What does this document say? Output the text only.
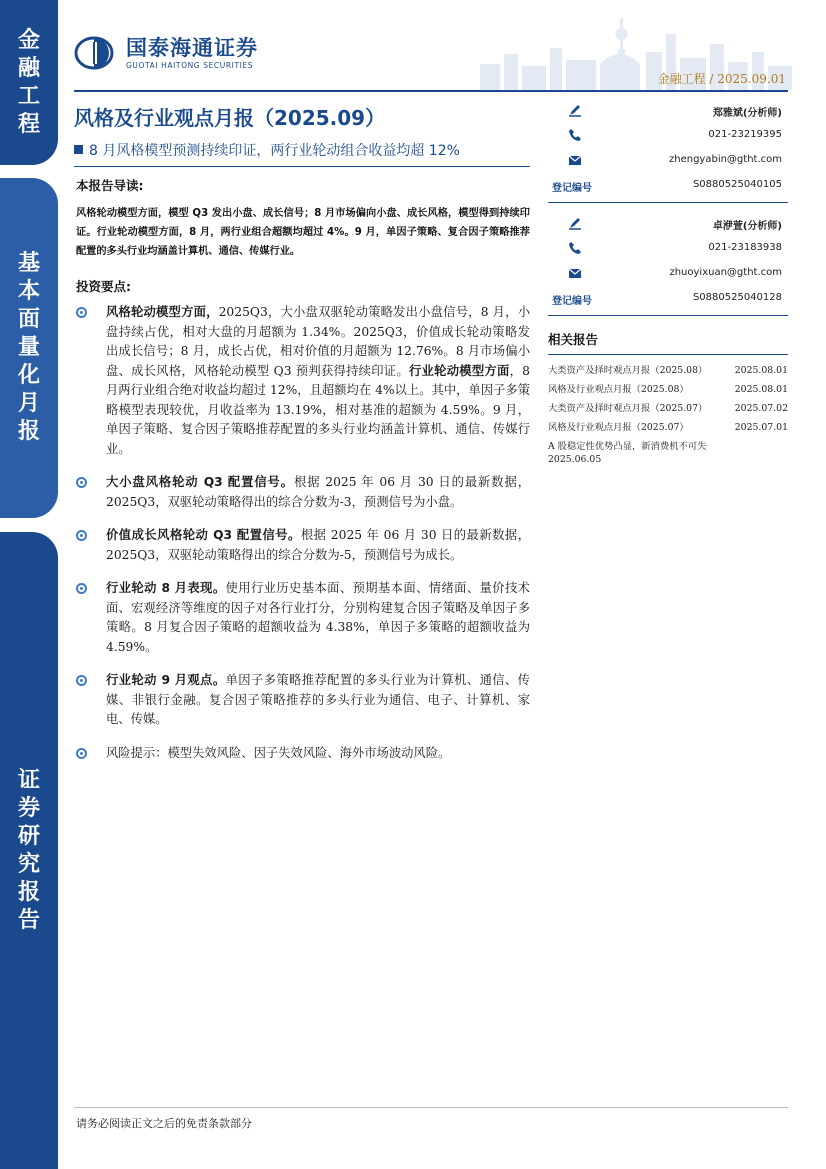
金
融
工
程
基
本
面
量
化
月
报
证
券
研
究
报
告
国泰海通证券
GUOTAI HAITONG SECURITIES
金融工程 / 2025.09.01
风格及行业观点月报（2025.09）
8 月风格模型预测持续印证，两行业轮动组合收益均超 12%
本报告导读:
风格轮动模型方面，模型 Q3 发出小盘、成长信号；8 月市场偏向小盘、成长风格，模型得到持续印证。行业轮动模型方面，8 月，两行业组合超额均超过 4%。9 月，单因子策略、复合因子策略推荐配置的多头行业均涵盖计算机、通信、传媒行业。
投资要点:
风格轮动模型方面，2025Q3，大小盘双驱轮动策略发出小盘信号，8 月，小盘持续占优，相对大盘的月超额为 1.34%。2025Q3，价值成长轮动策略发出成长信号；8 月，成长占优，相对价值的月超额为 12.76%。8 月市场偏小盘、成长风格，风格轮动模型 Q3 预判获得持续印证。行业轮动模型方面，8 月两行业组合绝对收益均超过 12%，且超额均在 4%以上。其中，单因子多策略模型表现较优，月收益率为 13.19%，相对基准的超额为 4.59%。9 月，单因子策略、复合因子策略推荐配置的多头行业均涵盖计算机、通信、传媒行业。
大小盘风格轮动 Q3 配置信号。根据 2025 年 06 月 30 日的最新数据，2025Q3，双驱轮动策略得出的综合分数为-3，预测信号为小盘。
价值成长风格轮动 Q3 配置信号。根据 2025 年 06 月 30 日的最新数据，2025Q3，双驱轮动策略得出的综合分数为-5，预测信号为成长。
行业轮动 8 月表现。使用行业历史基本面、预期基本面、情绪面、量价技术面、宏观经济等维度的因子对各行业打分，分别构建复合因子策略及单因子多策略。8 月复合因子策略的超额收益为 4.38%，单因子多策略的超额收益为 4.59%。
行业轮动 9 月观点。单因子多策略推荐配置的多头行业为计算机、通信、传媒、非银行金融。复合因子策略推荐的多头行业为通信、电子、计算机、家电、传媒。
风险提示：模型失效风险、因子失效风险、海外市场波动风险。
郑雅斌(分析师)
021-23219395
zhengyabin@gtht.com
登记编号	S0880525040105
卓洢萱(分析师)
021-23183938
zhuoyixuan@gtht.com
登记编号	S0880525040128
相关报告
大类资产及择时观点月报（2025.08）	2025.08.01
风格及行业观点月报（2025.08）	2025.08.01
大类资产及择时观点月报（2025.07）	2025.07.02
风格及行业观点月报（2025.07）	2025.07.01
A 股稳定性优势凸显，新消费机不可失
2025.06.05
请务必阅读正文之后的免责条款部分
